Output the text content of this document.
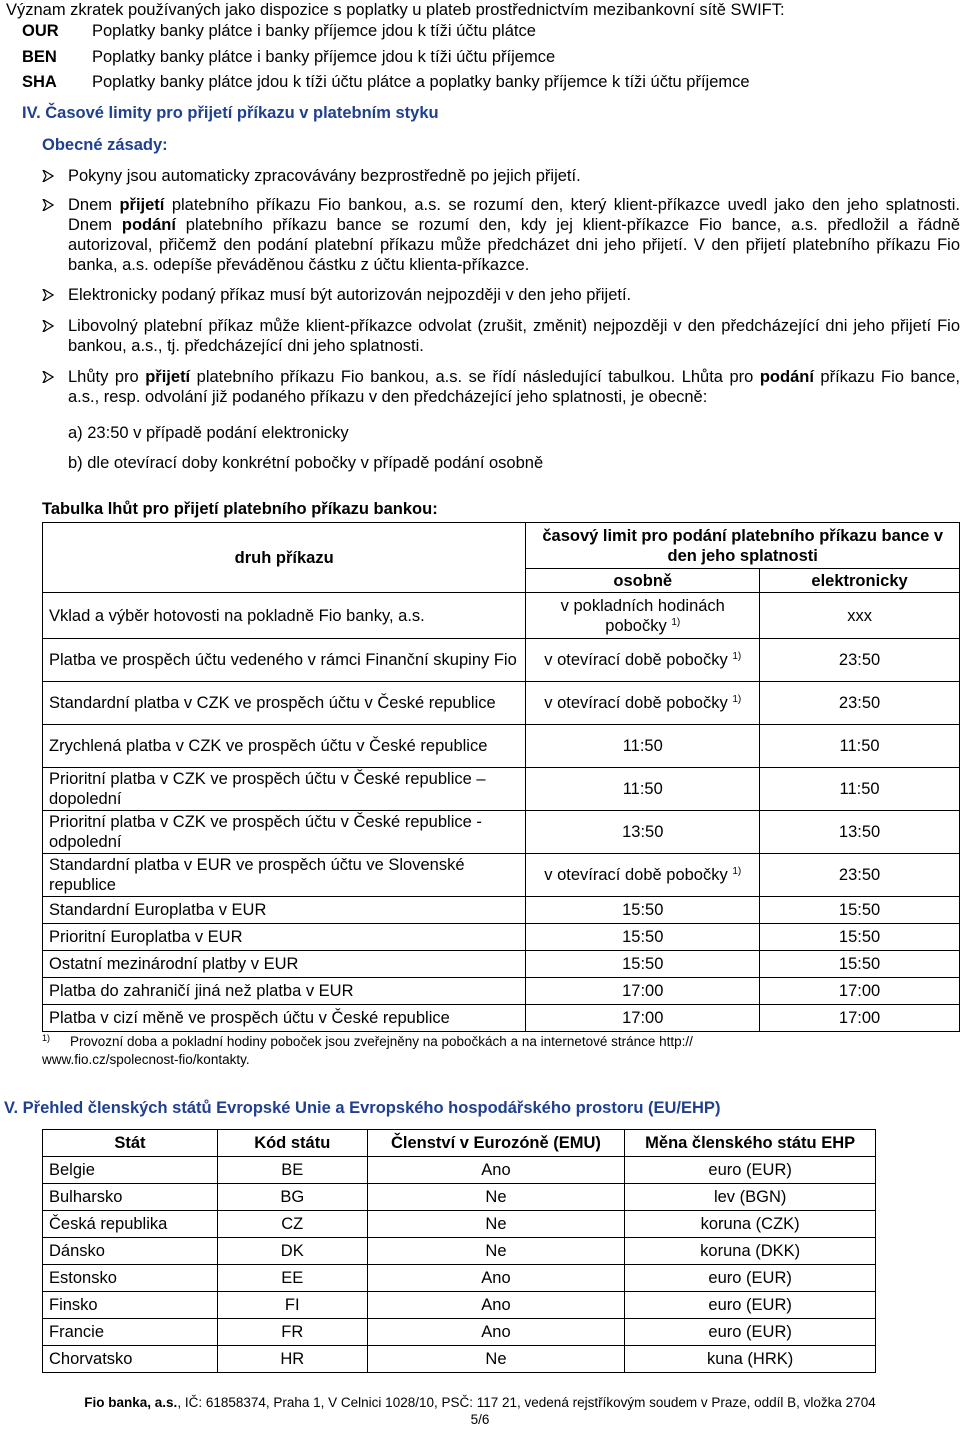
Význam zkratek používaných jako dispozice s poplatky u plateb prostřednictvím mezibankovní sítě SWIFT:
OUR	Poplatky banky plátce i banky příjemce jdou k tíži účtu plátce
BEN	Poplatky banky plátce i banky příjemce jdou k tíži účtu příjemce
SHA	Poplatky banky plátce jdou k tíži účtu plátce a poplatky banky příjemce k tíži účtu příjemce
IV. Časové limity pro přijetí příkazu v platebním styku
Obecné zásady:
Pokyny jsou automaticky zpracovávány bezprostředně po jejich přijetí.
Dnem přijetí platebního příkazu Fio bankou, a.s. se rozumí den, který klient-příkazce uvedl jako den jeho splatnosti. Dnem podání platebního příkazu bance se rozumí den, kdy jej klient-příkazce Fio bance, a.s. předložil a řádně autorizoval, přičemž den podání platební příkazu může předcházet dni jeho přijetí. V den přijetí platebního příkazu Fio banka, a.s. odepíše převáděnou částku z účtu klienta-příkazce.
Elektronicky podaný příkaz musí být autorizován nejpozději v den jeho přijetí.
Libovolný platební příkaz může klient-příkazce odvolat (zrušit, změnit) nejpozději v den předcházející dni jeho přijetí Fio bankou, a.s., tj. předcházející dni jeho splatnosti.
Lhůty pro přijetí platebního příkazu Fio bankou, a.s. se řídí následující tabulkou. Lhůta pro podání příkazu Fio bance, a.s., resp. odvolání již podaného příkazu v den předcházející jeho splatnosti, je obecně:
a) 23:50 v případě podání elektronicky
b) dle otevírací doby konkrétní pobočky v případě podání osobně
Tabulka lhůt pro přijetí platebního příkazu bankou:
druh příkazu	časový limit pro podání platebního příkazu bance v den jeho splatnosti	
	osobně	elektronicky
Vklad a výběr hotovosti na pokladně Fio banky, a.s.	v pokladních hodinách pobočky $^{1)}$	xxx
Platba ve prospěch účtu vedeného v rámci Finanční skupiny Fio	v otevírací době pobočky $^{1)}$	23:50
Standardní platba v CZK ve prospěch účtu v České republice	v otevírací době pobočky $^{1)}$	23:50
Zrychlená platba v CZK ve prospěch účtu v České republice	11:50	11:50
Prioritní platba v CZK ve prospěch účtu v České republice – dopolední	11:50	11:50
Prioritní platba v CZK ve prospěch účtu v České republice - odpolední	13:50	13:50
Standardní platba v EUR ve prospěch účtu ve Slovenské republice	v otevírací době pobočky $^{1)}$	23:50
Standardní Europlatba v EUR	15:50	15:50
Prioritní Europlatba v EUR	15:50	15:50
Ostatní mezinárodní platby v EUR	15:50	15:50
Platba do zahraničí jiná než platba v EUR	17:00	17:00
Platba v cizí měně ve prospěch účtu v České republice	17:00	17:00
$^{1)}$ Provozní doba a pokladní hodiny poboček jsou zveřejněny na pobočkách a na internetové stránce http:// www.fio.cz/spolecnost-fio/kontakty.
V. Přehled členských států Evropské Unie a Evropského hospodářského prostoru (EU/EHP)
Stát	Kód státu	Členství v Eurozóně (EMU)	Měna členského státu EHP
Belgie	BE	Ano	euro (EUR)
Bulharsko	BG	Ne	lev (BGN)
Česká republika	CZ	Ne	koruna (CZK)
Dánsko	DK	Ne	koruna (DKK)
Estonsko	EE	Ano	euro (EUR)
Finsko	FI	Ano	euro (EUR)
Francie	FR	Ano	euro (EUR)
Chorvatsko	HR	Ne	kuna (HRK)
Fio banka, a.s., IČ: 61858374, Praha 1, V Celnici 1028/10, PSČ: 117 21, vedená rejstříkovým soudem v Praze, oddíl B, vložka 2704
5/6
